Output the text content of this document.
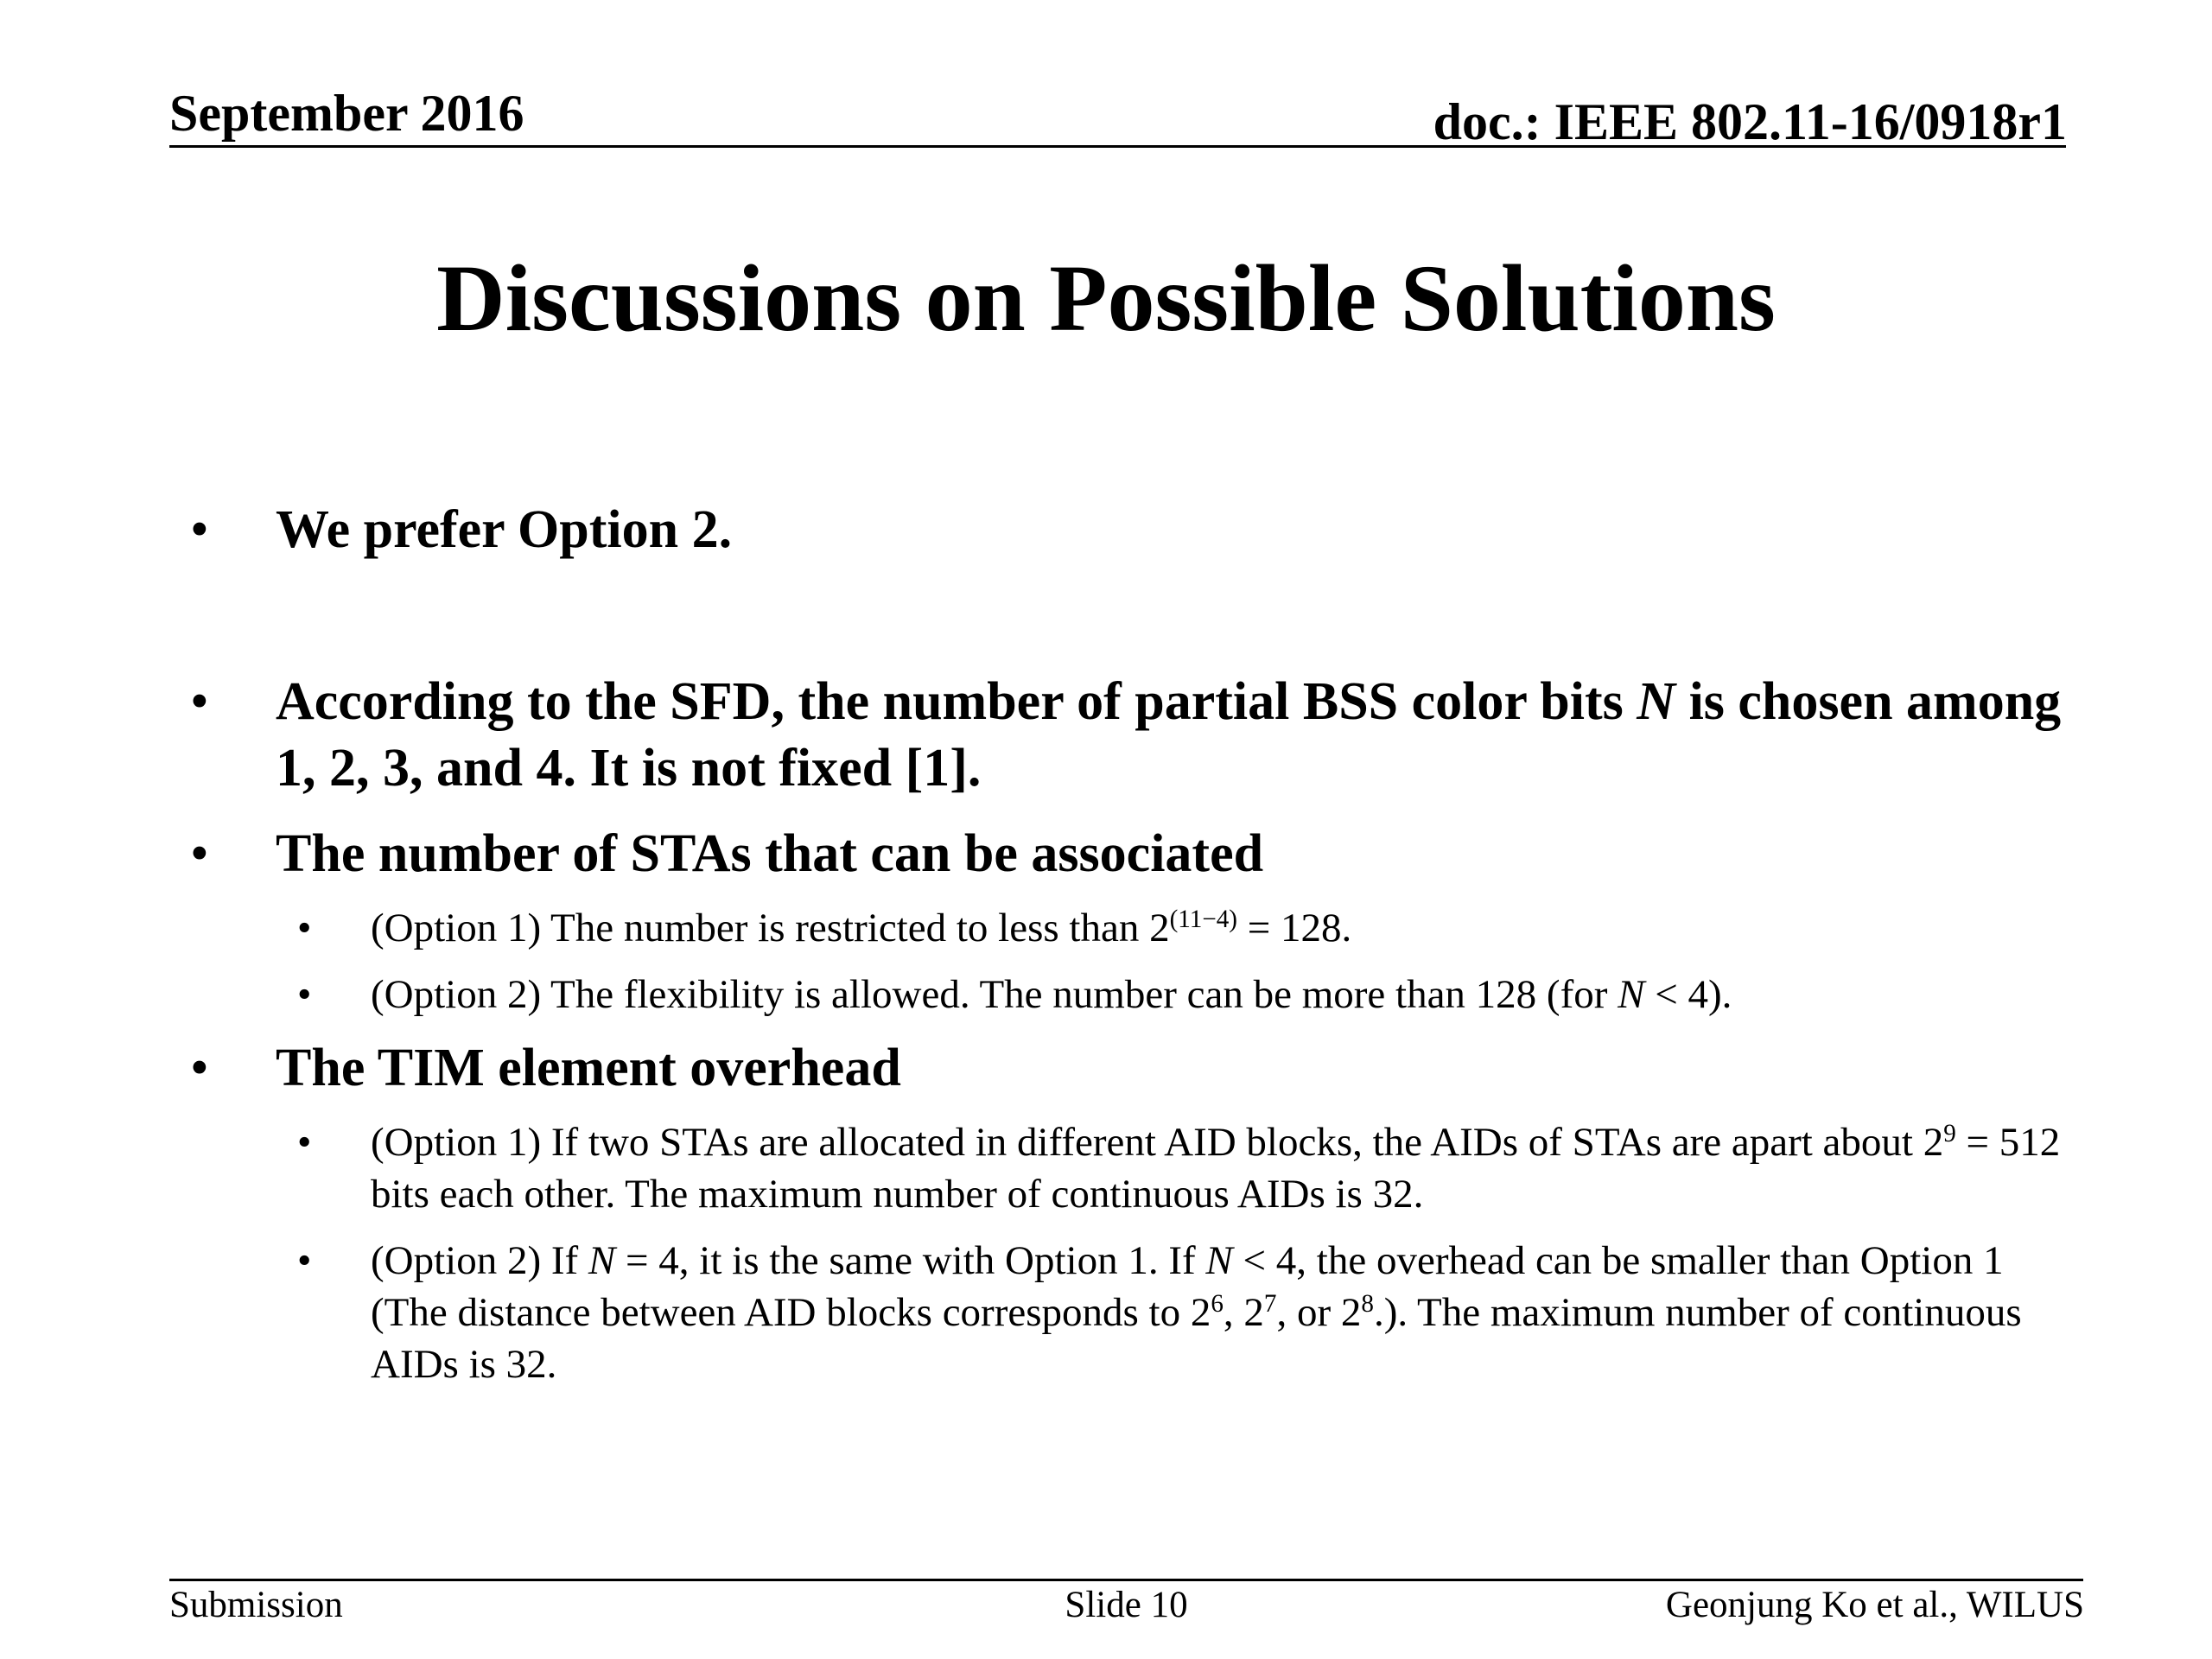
September 2016	doc.: IEEE 802.11-16/0918r1
Discussions on Possible Solutions
• We prefer Option 2.
• According to the SFD, the number of partial BSS color bits N is chosen among 1, 2, 3, and 4. It is not fixed [1].
• The number of STAs that can be associated
• (Option 1) The number is restricted to less than $2^{(11-4)} = 128$.
• (Option 2) The flexibility is allowed. The number can be more than 128 (for N < 4).
• The TIM element overhead
• (Option 1) If two STAs are allocated in different AID blocks, the AIDs of STAs are apart about $2^9 = 512$ bits each other. The maximum number of continuous AIDs is 32.
• (Option 2) If N = 4, it is the same with Option 1. If N < 4, the overhead can be smaller than Option 1 (The distance between AID blocks corresponds to $2^6$, $2^7$, or $2^8$.). The maximum number of continuous AIDs is 32.
Submission	Slide 10	Geonjung Ko et al., WILUS
